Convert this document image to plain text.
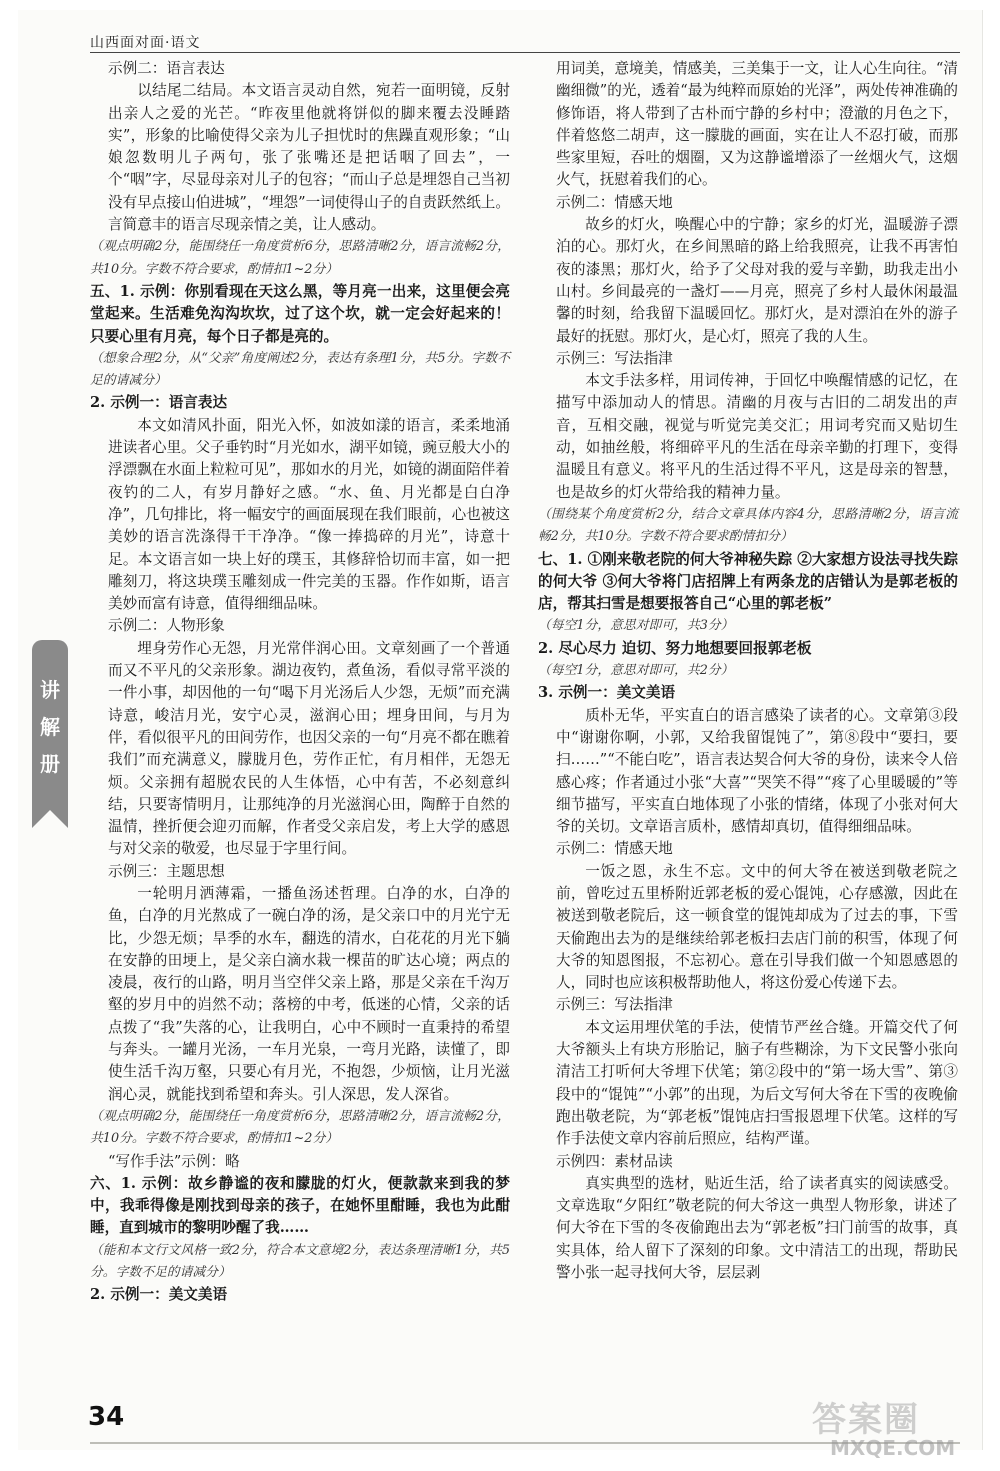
山西面对面·语文

示例二：语言表达

以结尾二结局。本文语言灵动自然，宛若一面明镜，反射出亲人之爱的光芒。“昨夜里他就将饼似的脚来覆去没睡踏实”，形象的比喻使得父亲为儿子担忧时的焦躁直观形象；“山娘忽数明儿子两句，张了张嘴还是把话咽了回去”，一个“咽”字，尽显母亲对儿子的包容；“而山子总是埋怨自己当初没有早点接山伯进城”，“埋怨”一词使得山子的自责跃然纸上。言简意丰的语言尽现亲情之美，让人感动。

（观点明确2分，能围绕任一角度赏析6分，思路清晰2分，语言流畅2分，共10分。字数不符合要求，酌情扣1~2分）

五、1. 示例：你别看现在天这么黑，等月亮一出来，这里便会亮堂起来。生活难免沟沟坎坎，过了这个坎，就一定会好起来的！只要心里有月亮，每个日子都是亮的。

（想象合理2分，从“父亲”角度阐述2分，表达有条理1分，共5分。字数不足的请减分）

2. 示例一：语言表达

本文如清风扑面，阳光入怀，如波如漾的语言，柔柔地涌进读者心里。父子垂钓时“月光如水，湖平如镜，豌豆般大小的浮漂飘在水面上粒粒可见”，那如水的月光，如镜的湖面陪伴着夜钓的二人，有岁月静好之感。“水、鱼、月光都是白白净净”，几句排比，将一幅安宁的画面展现在我们眼前，心也被这美妙的语言洗涤得干干净净。“像一捧捣碎的月光”，诗意十足。本文语言如一块上好的璞玉，其修辞恰切而丰富，如一把雕刻刀，将这块璞玉雕刻成一件完美的玉器。作作如斯，语言美妙而富有诗意，值得细细品味。

示例二：人物形象

埋身劳作心无怨，月光常伴润心田。文章刻画了一个普通而又不平凡的父亲形象。湖边夜钓，煮鱼汤，看似寻常平淡的一件小事，却因他的一句“喝下月光汤后人少怨，无烦”而充满诗意，峻洁月光，安宁心灵，滋润心田；埋身田间，与月为伴，看似很平凡的田间劳作，也因父亲的一句“月亮不都在瞧着我们”而充满意义，朦胧月色，劳作正忙，有月相伴，无怨无烦。父亲拥有超脱农民的人生体悟，心中有苦，不必刻意纠结，只要寄情明月，让那纯净的月光滋润心田，陶醉于自然的温情，挫折便会迎刃而解，作者受父亲启发，考上大学的感恩与对父亲的敬爱，也尽显于字里行间。

示例三：主题思想

一轮明月洒薄霜，一播鱼汤述哲理。白净的水，白净的鱼，白净的月光熬成了一碗白净的汤，是父亲口中的月光宁无比，少怨无烦；旱季的水车，翻选的清水，白花花的月光下躺在安静的田埂上，是父亲白滴水栽一棵苗的旷达心境；两点的凌晨，夜行的山路，明月当空伴父亲上路，那是父亲在千沟万壑的岁月中的岿然不动；落榜的中考，低迷的心情，父亲的话点拨了“我”失落的心，让我明白，心中不顾时一直秉持的希望与奔头。一罐月光汤，一车月光泉，一弯月光路，读懂了，即使生活千沟万壑，只要心有月光，不抱怨，少烦恼，让月光滋润心灵，就能找到希望和奔头。引人深思，发人深省。

（观点明确2分，能围绕任一角度赏析6分，思路清晰2分，语言流畅2分，共10分。字数不符合要求，酌情扣1~2分）

“写作手法”示例：略

六、1. 示例：故乡静谧的夜和朦胧的灯火，便款款来到我的梦中，我乖得像是刚找到母亲的孩子，在她怀里酣睡，我也为此酣睡，直到城市的黎明吵醒了我……

（能和本文行文风格一致2分，符合本文意境2分，表达条理清晰1分，共5分。字数不足的请减分）

2. 示例一：美文美语

用词美，意境美，情感美，三美集于一文，让人心生向往。“清幽细微”的光，透着“最为纯粹而原始的光泽”，两处传神准确的修饰语，将人带到了古朴而宁静的乡村中；澄澈的月色之下，伴着悠悠二胡声，这一朦胧的画面，实在让人不忍打破，而那些家里短，吞吐的烟圈，又为这静谧增添了一丝烟火气，这烟火气，抚慰着我们的心。

示例二：情感天地

故乡的灯火，唤醒心中的宁静；家乡的灯光，温暖游子漂泊的心。那灯火，在乡间黑暗的路上给我照亮，让我不再害怕夜的漆黑；那灯火，给予了父母对我的爱与辛勤，助我走出小山村。乡间最亮的一盏灯——月亮，照亮了乡村人最休闲最温馨的时刻，给我留下温暖回忆。那灯火，是对漂泊在外的游子最好的抚慰。那灯火，是心灯，照亮了我的人生。

示例三：写法指津

本文手法多样，用词传神，于回忆中唤醒情感的记忆，在描写中添加动人的情思。清幽的月夜与古旧的二胡发出的声音，互相交融，视觉与听觉完美交汇；用词考究而又贴切生动，如抽丝般，将细碎平凡的生活在母亲辛勤的打理下，变得温暖且有意义。将平凡的生活过得不平凡，这是母亲的智慧，也是故乡的灯火带给我的精神力量。

（围绕某个角度赏析2分，结合文章具体内容4分，思路清晰2分，语言流畅2分，共10分。字数不符合要求酌情扣分）

七、1. ①刚来敬老院的何大爷神秘失踪 ②大家想方设法寻找失踪的何大爷 ③何大爷将门店招牌上有两条龙的店错认为是郭老板的店，帮其扫雪是想要报答自己“心里的郭老板”

（每空1分，意思对即可，共3分）

2. 尽心尽力 迫切、努力地想要回报郭老板

（每空1分，意思对即可，共2分）

3. 示例一：美文美语

质朴无华，平实直白的语言感染了读者的心。文章第③段中“谢谢你啊，小郭，又给我留馄饨了”，第⑧段中“要扫，要扫……”“不能白吃”，语言表达契合何大爷的身份，读来令人倍感心疼；作者通过小张“大喜”“哭笑不得”“疼了心里暖暖的”等细节描写，平实直白地体现了小张的情绪，体现了小张对何大爷的关切。文章语言质朴，感情却真切，值得细细品味。

示例二：情感天地

一饭之恩，永生不忘。文中的何大爷在被送到敬老院之前，曾吃过五里桥附近郭老板的爱心馄饨，心存感激，因此在被送到敬老院后，这一顿食堂的馄饨却成为了过去的事，下雪天偷跑出去为的是继续给郭老板扫去店门前的积雪，体现了何大爷的知恩图报，不忘初心。意在引导我们做一个知恩感恩的人，同时也应该积极帮助他人，将这份爱心传递下去。

示例三：写法指津

本文运用埋伏笔的手法，使情节严丝合缝。开篇交代了何大爷额头上有块方形胎记，脑子有些糊涂，为下文民警小张向清洁工打听何大爷埋下伏笔；第②段中的“第一场大雪”、第③段中的“馄饨”“小郭”的出现，为后文写何大爷在下雪的夜晚偷跑出敬老院，为“郭老板”馄饨店扫雪报恩埋下伏笔。这样的写作手法使文章内容前后照应，结构严谨。

示例四：素材品读

真实典型的选材，贴近生活，给了读者真实的阅读感受。文章选取“夕阳红”敬老院的何大爷这一典型人物形象，讲述了何大爷在下雪的冬夜偷跑出去为“郭老板”扫门前雪的故事，真实具体，给人留下了深刻的印象。文中清洁工的出现，帮助民警小张一起寻找何大爷，层层剥

讲
解
册
34	答案圈
MXQE.COM
